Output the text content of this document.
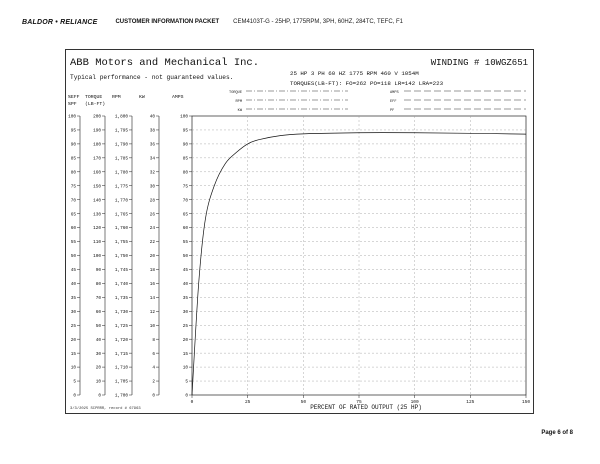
BALDOR • RELIANCE	CUSTOMER INFORMATION PACKET CEM4103T-G - 25HP, 1775RPM, 3PH, 60HZ, 284TC, TEFC, F1
ABB Motors and Mechanical Inc.	WINDING # 10WGZ651
Typical performance - not guaranteed values.
25 HP 3 PH 60 HZ 1775 RPM 460 V 1054M
TORQUES(LB-FT): FO=262 PO=118 LR=142 LRA=223
TORQUE
RPM
KW
AMPS
EFF
PF
%EFF
%PF
TORQUE
(LB-FT)
RPM	KW	AMPS
100
95
90
85
80
75
70
65
60
55
50
45
40
35
30
25
20
15
10
5
0
200
190
180
170
160
150
140
130
120
110
100
90
80
70
60
50
40
30
20
10
0
1,800
1,795
1,790
1,785
1,780
1,775
1,770
1,765
1,760
1,755
1,750
1,745
1,740
1,735
1,730
1,725
1,720
1,715
1,710
1,705
1,700
40
38
36
34
32
30
28
26
24
22
20
18
16
14
12
10
8
6
4
2
0
100
95
90
85
80
75
70
65
60
55
50
45
40
35
30
25
20
15
10
5
0
0	25	50	75	100	125	150
PERCENT OF RATED OUTPUT (25 HP)
3/3/2025 SCPRRR, record # 67963
Page 6 of 8
